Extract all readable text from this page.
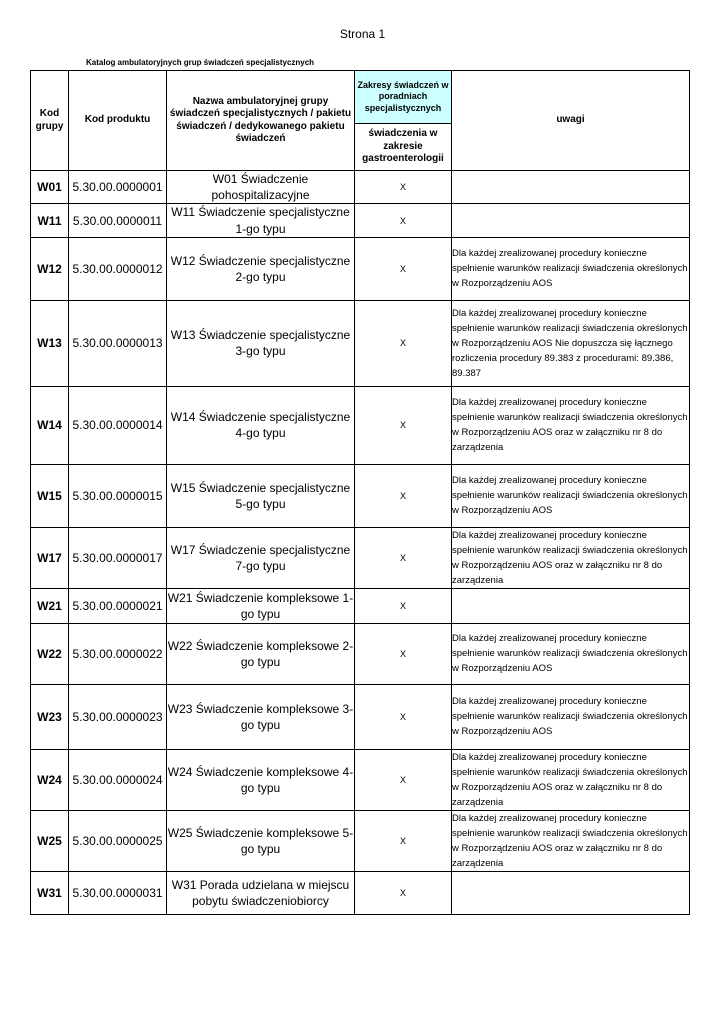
Strona 1
Katalog ambulatoryjnych grup świadczeń specjalistycznych
Kod grupy	Kod produktu	Nazwa ambulatoryjnej grupy świadczeń specjalistycznych / pakietu świadczeń / dedykowanego pakietu świadczeń	Zakresy świadczeń w poradniach specjalistycznych	uwagi
			świadczenia w zakresie gastroenterologii	
W01	5.30.00.0000001	W01 Świadczenie pohospitalizacyjne	X	
W11	5.30.00.0000011	W11 Świadczenie specjalistyczne 1-go typu	X	
W12	5.30.00.0000012	W12 Świadczenie specjalistyczne 2-go typu	X	Dla każdej zrealizowanej procedury konieczne spełnienie warunków realizacji świadczenia określonych w Rozporządzeniu AOS
W13	5.30.00.0000013	W13 Świadczenie specjalistyczne 3-go typu	X	Dla każdej zrealizowanej procedury konieczne spełnienie warunków realizacji świadczenia określonych w Rozporządzeniu AOS Nie dopuszcza się łącznego rozliczenia procedury 89.383 z procedurami: 89.386, 89.387
W14	5.30.00.0000014	W14 Świadczenie specjalistyczne 4-go typu	X	Dla każdej zrealizowanej procedury konieczne spełnienie warunków realizacji świadczenia określonych w Rozporządzeniu AOS oraz w załączniku nr 8 do zarządzenia
W15	5.30.00.0000015	W15 Świadczenie specjalistyczne 5-go typu	X	Dla każdej zrealizowanej procedury konieczne spełnienie warunków realizacji świadczenia określonych w Rozporządzeniu AOS
W17	5.30.00.0000017	W17 Świadczenie specjalistyczne 7-go typu	X	Dla każdej zrealizowanej procedury konieczne spełnienie warunków realizacji świadczenia określonych w Rozporządzeniu AOS oraz w załączniku nr 8 do zarządzenia
W21	5.30.00.0000021	W21 Świadczenie kompleksowe 1-go typu	X	
W22	5.30.00.0000022	W22 Świadczenie kompleksowe 2-go typu	X	Dla każdej zrealizowanej procedury konieczne spełnienie warunków realizacji świadczenia określonych w Rozporządzeniu AOS
W23	5.30.00.0000023	W23 Świadczenie kompleksowe 3-go typu	X	Dla każdej zrealizowanej procedury konieczne spełnienie warunków realizacji świadczenia określonych w Rozporządzeniu AOS
W24	5.30.00.0000024	W24 Świadczenie kompleksowe 4-go typu	X	Dla każdej zrealizowanej procedury konieczne spełnienie warunków realizacji świadczenia określonych w Rozporządzeniu AOS oraz w załączniku nr 8 do zarządzenia
W25	5.30.00.0000025	W25 Świadczenie kompleksowe 5-go typu	X	Dla każdej zrealizowanej procedury konieczne spełnienie warunków realizacji świadczenia określonych w Rozporządzeniu AOS oraz w załączniku nr 8 do zarządzenia
W31	5.30.00.0000031	W31 Porada udzielana w miejscu pobytu świadczeniobiorcy	X	
